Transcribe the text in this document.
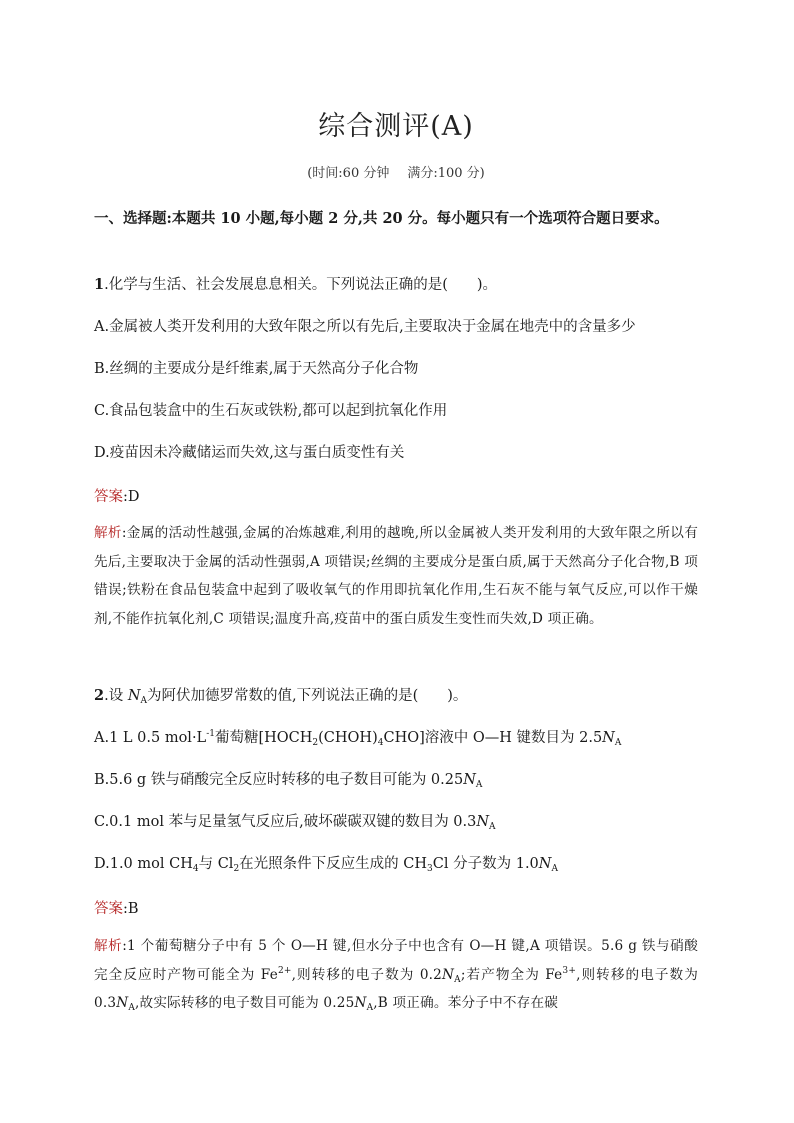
综合测评(A)
(时间:60 分钟 满分:100 分)
一、选择题:本题共 10 小题,每小题 2 分,共 20 分。每小题只有一个选项符合题日要求。
1.化学与生活、社会发展息息相关。下列说法正确的是(　　)。
A.金属被人类开发利用的大致年限之所以有先后,主要取决于金属在地壳中的含量多少
B.丝绸的主要成分是纤维素,属于天然高分子化合物
C.食品包装盒中的生石灰或铁粉,都可以起到抗氧化作用
D.疫苗因未冷藏储运而失效,这与蛋白质变性有关
答案:D
解析:金属的活动性越强,金属的冶炼越难,利用的越晚,所以金属被人类开发利用的大致年限之所以有先后,主要取决于金属的活动性强弱,A 项错误;丝绸的主要成分是蛋白质,属于天然高分子化合物,B 项错误;铁粉在食品包装盒中起到了吸收氧气的作用即抗氧化作用,生石灰不能与氧气反应,可以作干燥剂,不能作抗氧化剂,C 项错误;温度升高,疫苗中的蛋白质发生变性而失效,D 项正确。
2.设 $N_A$为阿伏加德罗常数的值,下列说法正确的是(　　)。
A.1 L 0.5 $mol\cdot L^{-1}$葡萄糖$[HOCH_2(CHOH)_4CHO]$溶液中 O—H 键数目为 $2.5N_A$
B.5.6 g 铁与硝酸完全反应时转移的电子数目可能为 $0.25N_A$
C.0.1 mol 苯与足量氢气反应后,破坏碳碳双键的数目为 $0.3N_A$
D.1.0 mol $CH_4$与 $Cl_2$在光照条件下反应生成的 $CH_3Cl$ 分子数为 $1.0N_A$
答案:B
解析:1 个葡萄糖分子中有 5 个 O—H 键,但水分子中也含有 O—H 键,A 项错误。5.6 g 铁与硝酸完全反应时产物可能全为 $Fe^{2+}$,则转移的电子数为 $0.2N_A$;若产物全为 $Fe^{3+}$,则转移的电子数为 $0.3N_A$,故实际转移的电子数目可能为 $0.25N_A,B$ 项正确。苯分子中不存在碳
